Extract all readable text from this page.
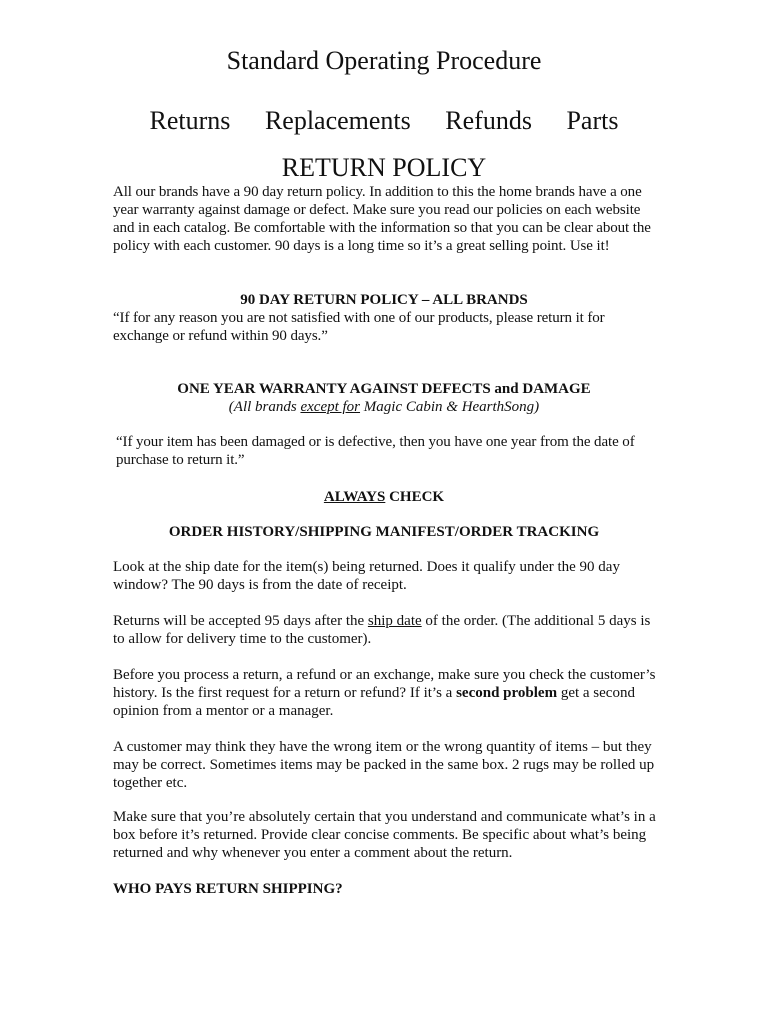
Standard Operating Procedure
Returns Replacements Refunds Parts
RETURN POLICY

All our brands have a 90 day return policy. In addition to this the home brands have a one year warranty against damage or defect. Make sure you read our policies on each website and in each catalog. Be comfortable with the information so that you can be clear about the policy with each customer. 90 days is a long time so it’s a great selling point. Use it!

90 DAY RETURN POLICY – ALL BRANDS

“If for any reason you are not satisfied with one of our products, please return it for exchange or refund within 90 days.”

ONE YEAR WARRANTY AGAINST DEFECTS and DAMAGE

(All brands except for Magic Cabin & HearthSong)

“If your item has been damaged or is defective, then you have one year from the date of purchase to return it.”

ALWAYS CHECK

ORDER HISTORY/SHIPPING MANIFEST/ORDER TRACKING

Look at the ship date for the item(s) being returned. Does it qualify under the 90 day window? The 90 days is from the date of receipt.

Returns will be accepted 95 days after the ship date of the order. (The additional 5 days is to allow for delivery time to the customer).

Before you process a return, a refund or an exchange, make sure you check the customer’s history. Is the first request for a return or refund? If it’s a second problem get a second opinion from a mentor or a manager.

A customer may think they have the wrong item or the wrong quantity of items – but they may be correct. Sometimes items may be packed in the same box. 2 rugs may be rolled up together etc.

Make sure that you’re absolutely certain that you understand and communicate what’s in a box before it’s returned. Provide clear concise comments. Be specific about what’s being returned and why whenever you enter a comment about the return.

WHO PAYS RETURN SHIPPING?
